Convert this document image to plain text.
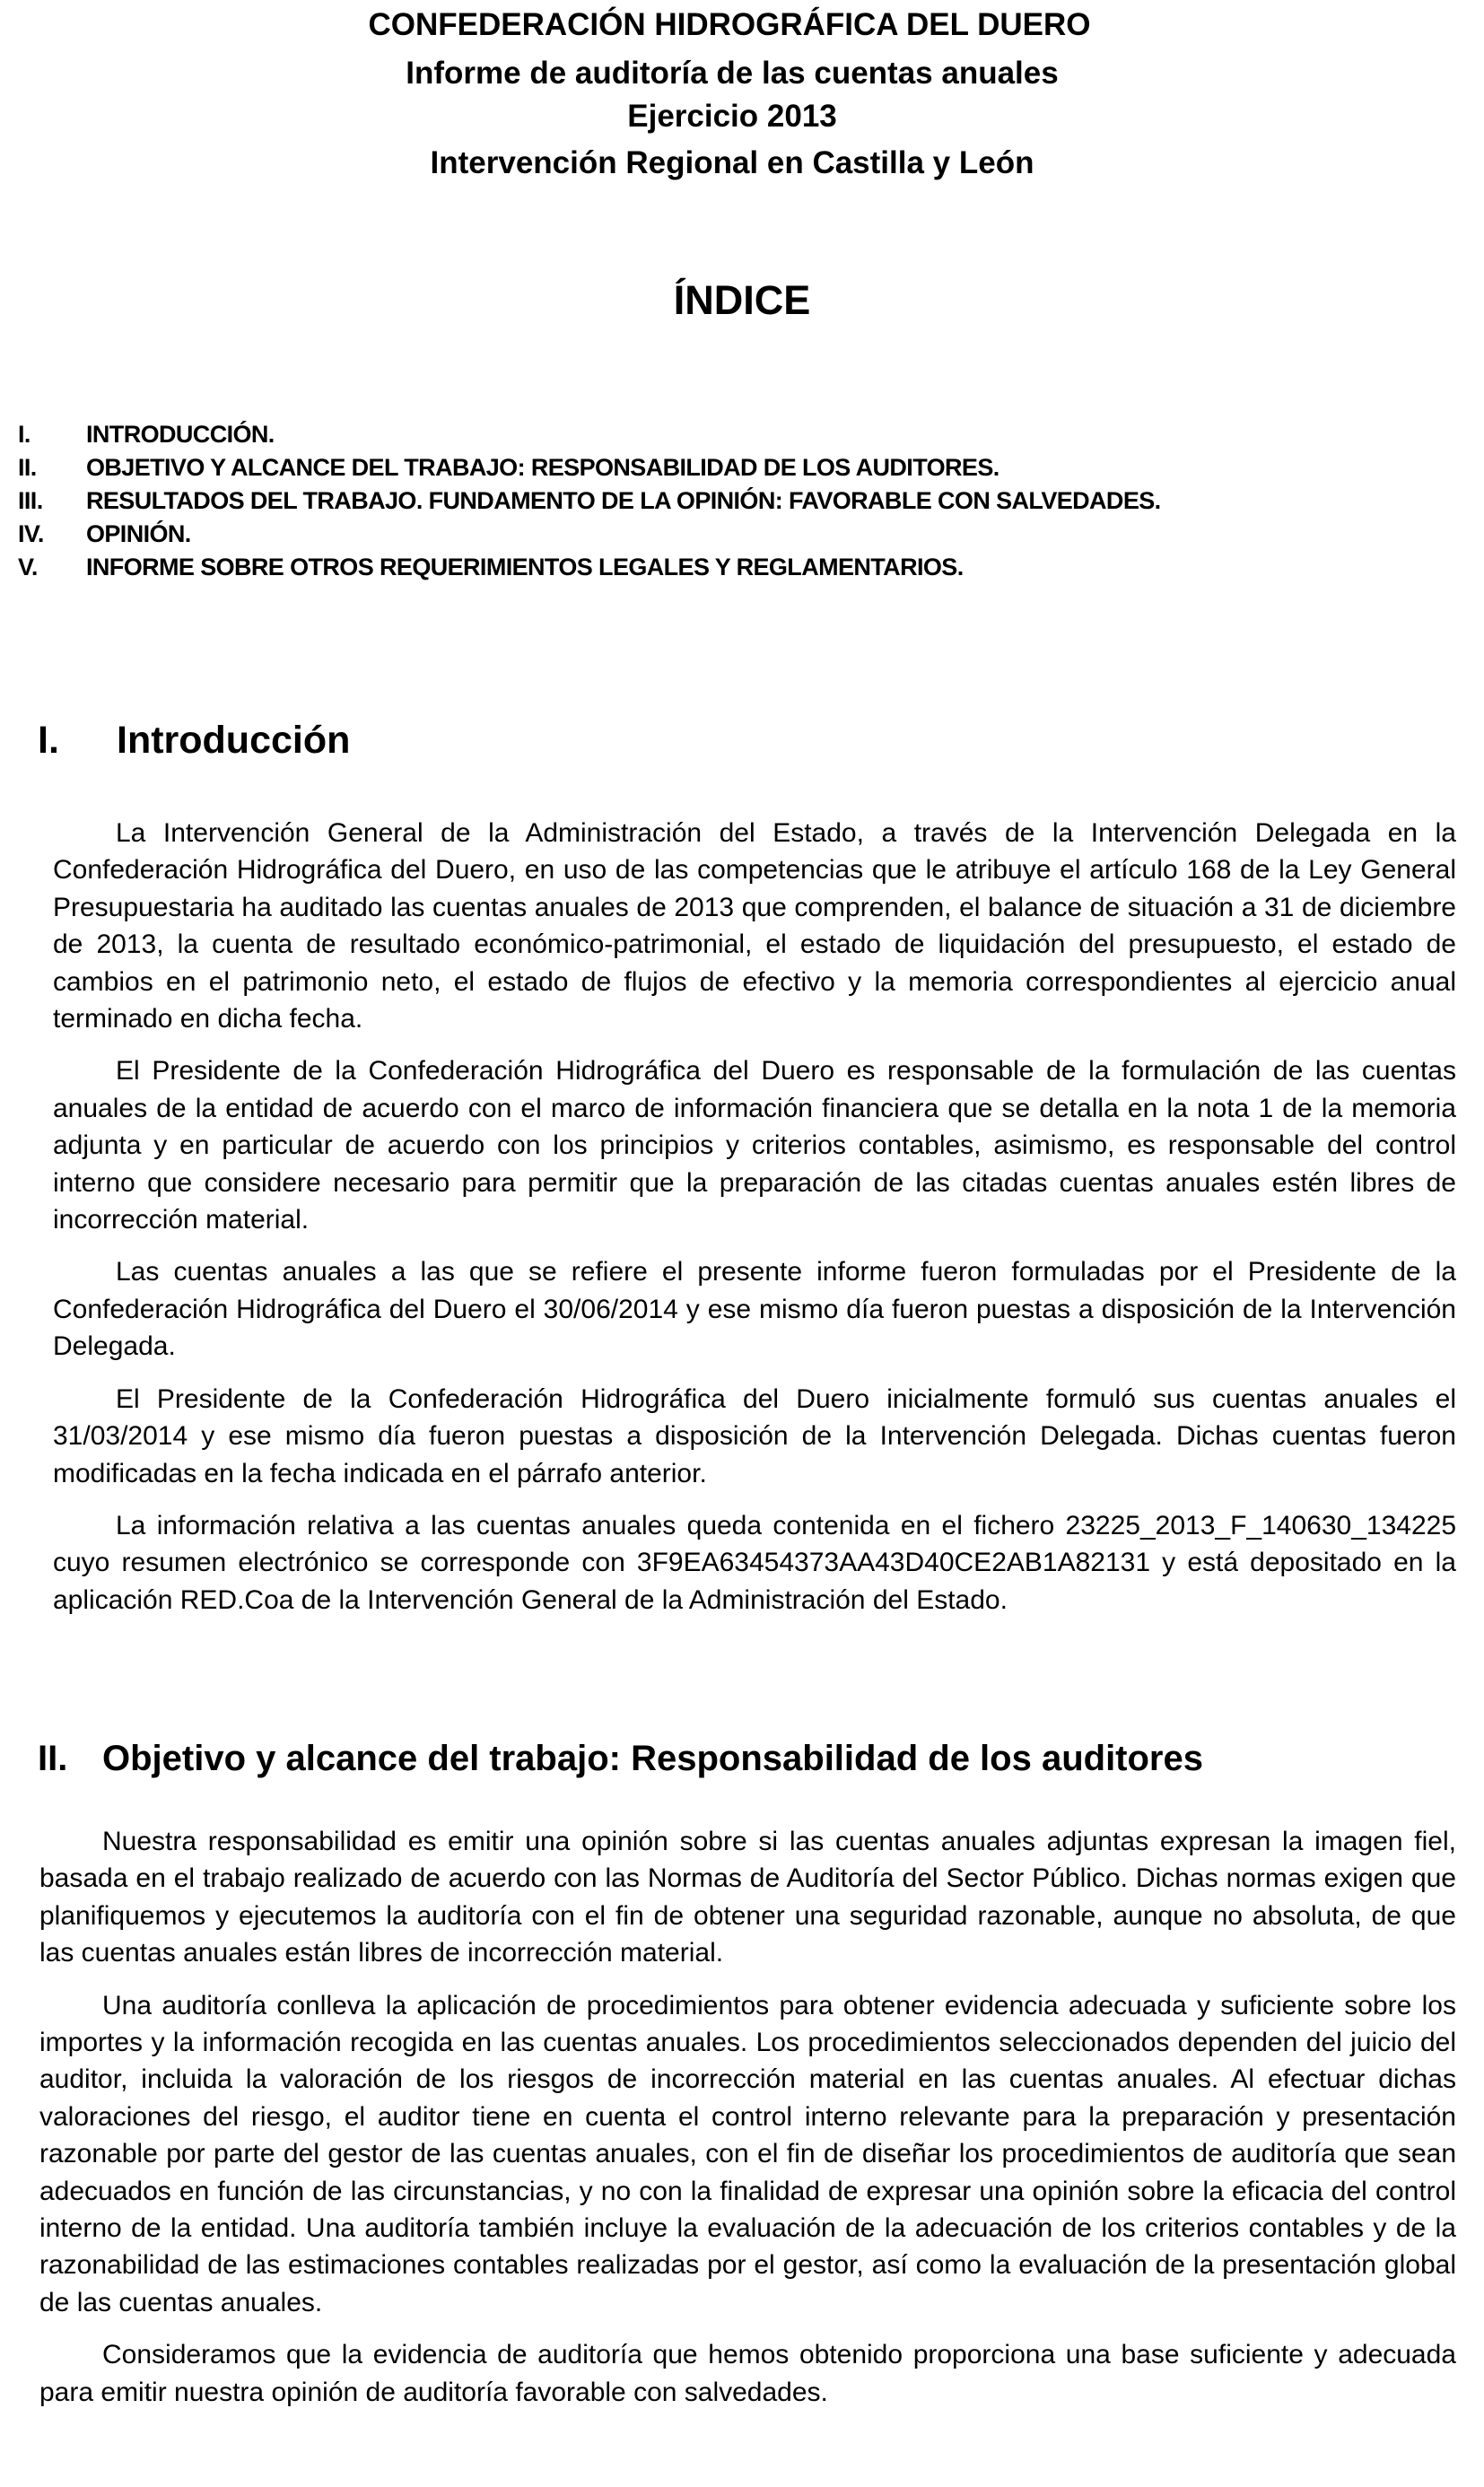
CONFEDERACIÓN HIDROGRÁFICA DEL DUERO

Informe de auditoría de las cuentas anuales

Ejercicio 2013

Intervención Regional en Castilla y León

ÍNDICE
I. INTRODUCCIÓN.
II. OBJETIVO Y ALCANCE DEL TRABAJO: RESPONSABILIDAD DE LOS AUDITORES.
III. RESULTADOS DEL TRABAJO. FUNDAMENTO DE LA OPINIÓN: FAVORABLE CON SALVEDADES.
IV. OPINIÓN.
V. INFORME SOBRE OTROS REQUERIMIENTOS LEGALES Y REGLAMENTARIOS.
I. Introducción

La Intervención General de la Administración del Estado, a través de la Intervención Delegada en la Confederación Hidrográfica del Duero, en uso de las competencias que le atribuye el artículo 168 de la Ley General Presupuestaria ha auditado las cuentas anuales de 2013 que comprenden, el balance de situación a 31 de diciembre de 2013, la cuenta de resultado económico-patrimonial, el estado de liquidación del presupuesto, el estado de cambios en el patrimonio neto, el estado de flujos de efectivo y la memoria correspondientes al ejercicio anual terminado en dicha fecha.

El Presidente de la Confederación Hidrográfica del Duero es responsable de la formulación de las cuentas anuales de la entidad de acuerdo con el marco de información financiera que se detalla en la nota 1 de la memoria adjunta y en particular de acuerdo con los principios y criterios contables, asimismo, es responsable del control interno que considere necesario para permitir que la preparación de las citadas cuentas anuales estén libres de incorrección material.

Las cuentas anuales a las que se refiere el presente informe fueron formuladas por el Presidente de la Confederación Hidrográfica del Duero el 30/06/2014 y ese mismo día fueron puestas a disposición de la Intervención Delegada.

El Presidente de la Confederación Hidrográfica del Duero inicialmente formuló sus cuentas anuales el 31/03/2014 y ese mismo día fueron puestas a disposición de la Intervención Delegada. Dichas cuentas fueron modificadas en la fecha indicada en el párrafo anterior.

La información relativa a las cuentas anuales queda contenida en el fichero 23225_2013_F_140630_134225 cuyo resumen electrónico se corresponde con 3F9EA63454373AA43D40CE2AB1A82131 y está depositado en la aplicación RED.Coa de la Intervención General de la Administración del Estado.

II. Objetivo y alcance del trabajo: Responsabilidad de los auditores

Nuestra responsabilidad es emitir una opinión sobre si las cuentas anuales adjuntas expresan la imagen fiel, basada en el trabajo realizado de acuerdo con las Normas de Auditoría del Sector Público. Dichas normas exigen que planifiquemos y ejecutemos la auditoría con el fin de obtener una seguridad razonable, aunque no absoluta, de que las cuentas anuales están libres de incorrección material.

Una auditoría conlleva la aplicación de procedimientos para obtener evidencia adecuada y suficiente sobre los importes y la información recogida en las cuentas anuales. Los procedimientos seleccionados dependen del juicio del auditor, incluida la valoración de los riesgos de incorrección material en las cuentas anuales. Al efectuar dichas valoraciones del riesgo, el auditor tiene en cuenta el control interno relevante para la preparación y presentación razonable por parte del gestor de las cuentas anuales, con el fin de diseñar los procedimientos de auditoría que sean adecuados en función de las circunstancias, y no con la finalidad de expresar una opinión sobre la eficacia del control interno de la entidad. Una auditoría también incluye la evaluación de la adecuación de los criterios contables y de la razonabilidad de las estimaciones contables realizadas por el gestor, así como la evaluación de la presentación global de las cuentas anuales.

Consideramos que la evidencia de auditoría que hemos obtenido proporciona una base suficiente y adecuada para emitir nuestra opinión de auditoría favorable con salvedades.
